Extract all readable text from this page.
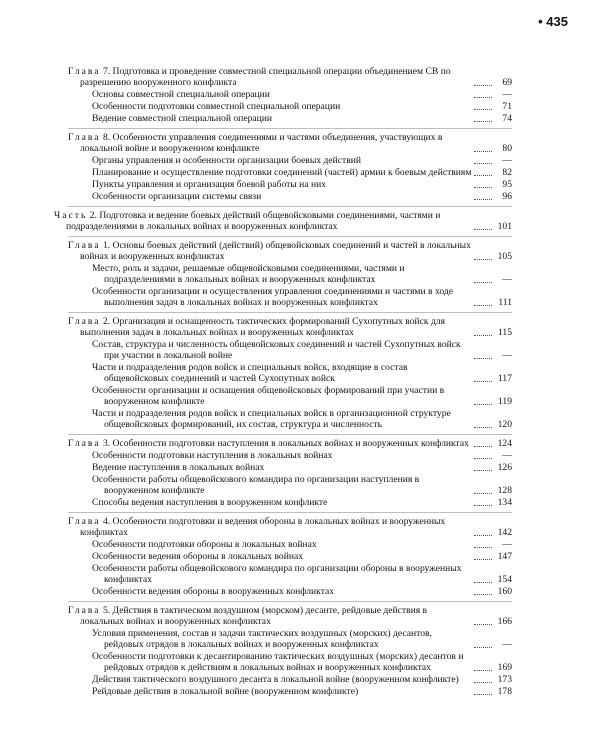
• 435
Глава 7. Подготовка и проведение совместной специальной операции объединением СВ по разрешению вооруженного конфликта	69
Основы совместной специальной операции	—
Особенности подготовки совместной специальной операции	71
Ведение совместной специальной операции	74
Глава 8. Особенности управления соединениями и частями объединения, участвующих в локальной войне и вооруженном конфликте	80
Органы управления и особенности организации боевых действий	—
Планирование и осуществление подготовки соединений (частей) армии к боевым действиям	82
Пункты управления и организация боевой работы на них	95
Особенности организации системы связи	96
Часть 2. Подготовка и ведение боевых действий общевойсковыми соединениями, частями и подразделениями в локальных войнах и вооруженных конфликтах	101
Глава 1. Основы боевых действий (действий) общевойсковых соединений и частей в локальных войнах и вооруженных конфликтах	105
Место, роль и задачи, решаемые общевойсковыми соединениями, частями и подразделениями в локальных войнах и вооруженных конфликтах	—
Особенности организации и осуществления управления соединениями и частями в ходе выполнения задач в локальных войнах и вооруженных конфликтах	111
Глава 2. Организация и оснащенность тактических формирований Сухопутных войск для выполнения задач в локальных войнах и вооруженных конфликтах	115
Состав, структура и численность общевойсковых соединений и частей Сухопутных войск при участии в локальной войне	—
Части и подразделения родов войск и специальных войск, входящие в состав общевойсковых соединений и частей Сухопутных войск	117
Особенности организации и оснащения общевойсковых формирований при участии в вооруженном конфликте	119
Части и подразделения родов войск и специальных войск в организационной структуре общевойсковых формирований, их состав, структура и численность	120
Глава 3. Особенности подготовки наступления в локальных войнах и вооруженных конфликтах	124
Особенности подготовки наступления в локальных войнах	—
Ведение наступления в локальных войнах	126
Особенности работы общевойскового командира по организации наступления в вооруженном конфликте	128
Способы ведения наступления в вооруженном конфликте	134
Глава 4. Особенности подготовки и ведения обороны в локальных войнах и вооруженных конфликтах	142
Особенности подготовки обороны в локальных войнах	—
Особенности ведения обороны в локальных войнах	147
Особенности работы общевойскового командира по организации обороны в вооруженных конфликтах	154
Особенности ведения обороны в вооруженных конфликтах	160
Глава 5. Действия в тактическом воздушном (морском) десанте, рейдовые действия в локальных войнах и вооруженных конфликтах	166
Условия применения, состав и задачи тактических воздушных (морских) десантов, рейдовых отрядов в локальных войнах и вооруженных конфликтах	—
Особенности подготовки к десантированию тактических воздушных (морских) десантов и рейдовых отрядов к действиям в локальных войнах и вооруженных конфликтах	169
Действия тактического воздушного десанта в локальной войне (вооруженном конфликте)	173
Рейдовые действия в локальной войне (вооруженном конфликте)	178
